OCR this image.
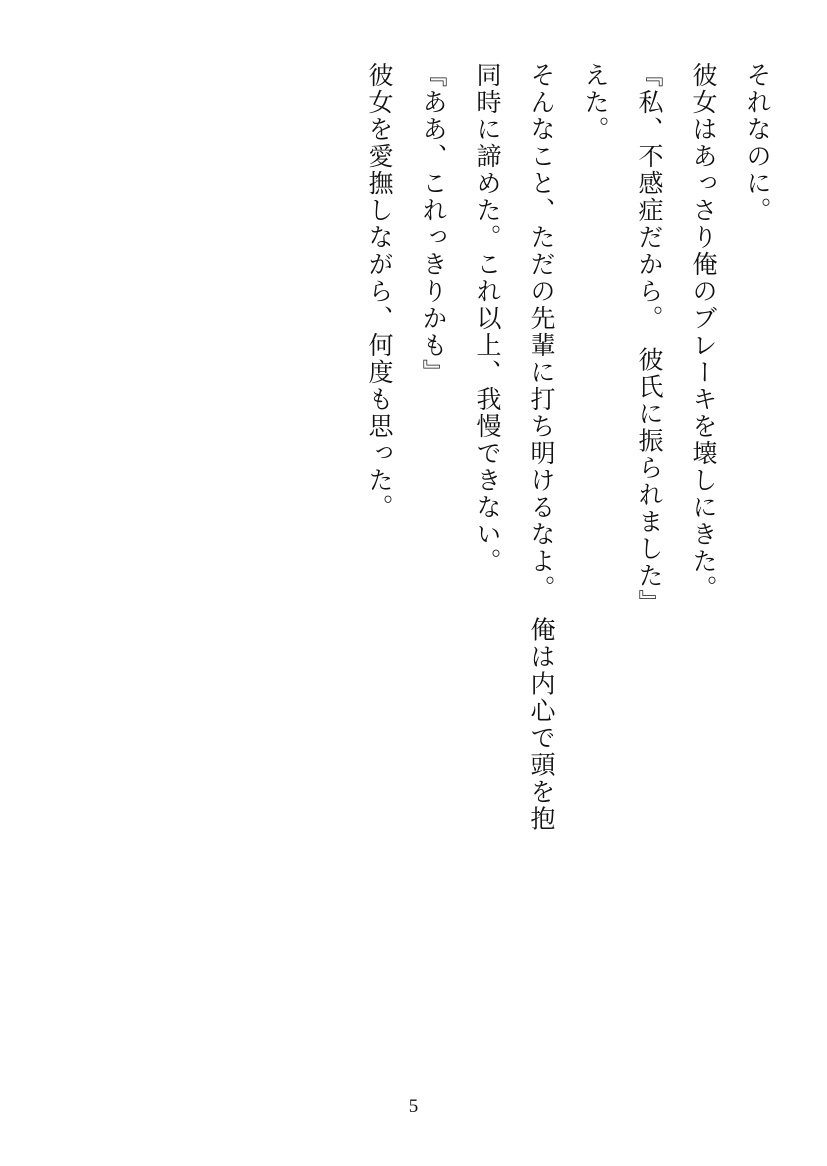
それなのに。
彼女はあっさり俺のブレーキを壊しにきた。
『私、不感症だから。　彼氏に振られました』
えた。
そんなこと、ただの先輩に打ち明けるなよ。　俺は内心で頭を抱
同時に諦めた。これ以上、我慢できない。
『ああ、これっきりかも』
彼女を愛撫しながら、何度も思った。
5
